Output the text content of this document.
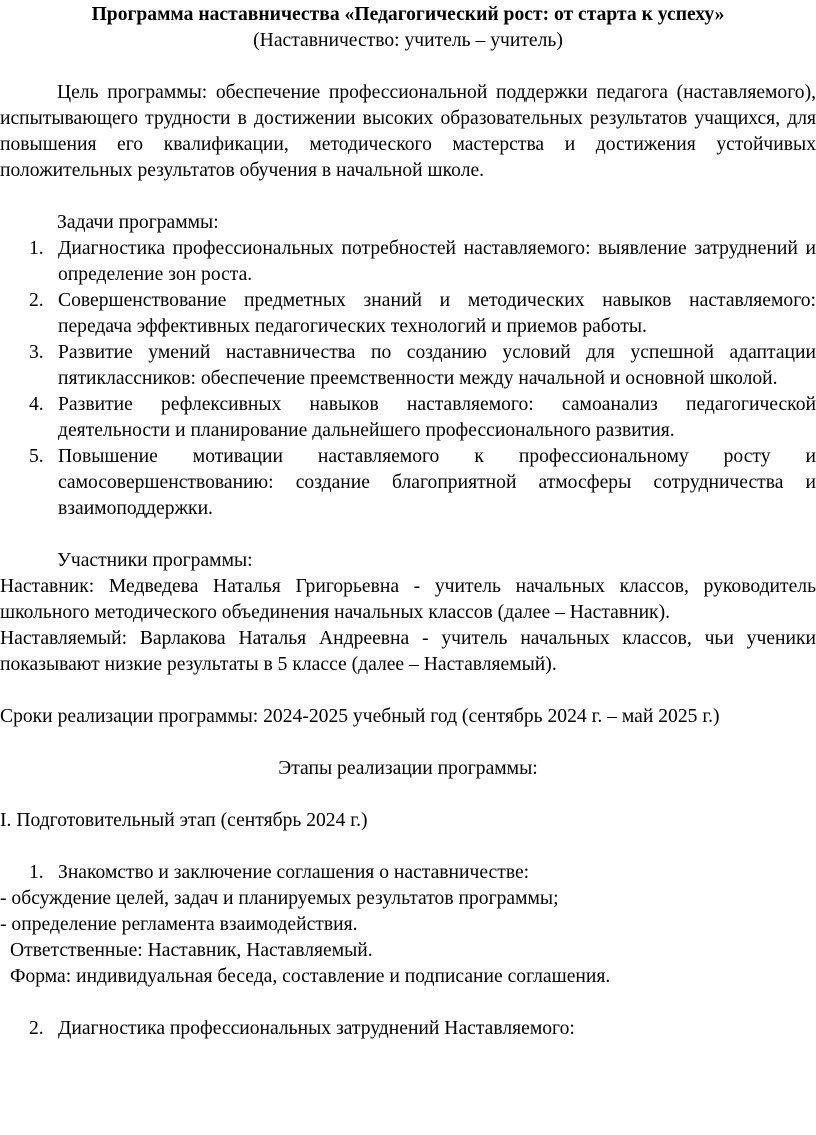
Программа наставничества «Педагогический рост: от старта к успеху»

(Наставничество: учитель – учитель)

Цель программы: обеспечение профессиональной поддержки педагога (наставляемого), испытывающего трудности в достижении высоких образовательных результатов учащихся, для повышения его квалификации, методического мастерства и достижения устойчивых положительных результатов обучения в начальной школе.

Задачи программы:

1. Диагностика профессиональных потребностей наставляемого: выявление затруднений и определение зон роста.
2. Совершенствование предметных знаний и методических навыков наставляемого: передача эффективных педагогических технологий и приемов работы.
3. Развитие умений наставничества по созданию условий для успешной адаптации пятиклассников: обеспечение преемственности между начальной и основной школой.
4. Развитие рефлексивных навыков наставляемого: самоанализ педагогической деятельности и планирование дальнейшего профессионального развития.
5. Повышение мотивации наставляемого к профессиональному росту и самосовершенствованию: создание благоприятной атмосферы сотрудничества и взаимоподдержки.

Участники программы:

Наставник: Медведева Наталья Григорьевна - учитель начальных классов, руководитель школьного методического объединения начальных классов (далее – Наставник).

Наставляемый: Варлакова Наталья Андреевна - учитель начальных классов, чьи ученики показывают низкие результаты в 5 классе (далее – Наставляемый).

Сроки реализации программы: 2024-2025 учебный год (сентябрь 2024 г. – май 2025 г.)

Этапы реализации программы:

I. Подготовительный этап (сентябрь 2024 г.)

1. Знакомство и заключение соглашения о наставничестве:

- обсуждение целей, задач и планируемых результатов программы;

- определение регламента взаимодействия.

Ответственные: Наставник, Наставляемый.

Форма: индивидуальная беседа, составление и подписание соглашения.

2. Диагностика профессиональных затруднений Наставляемого:
